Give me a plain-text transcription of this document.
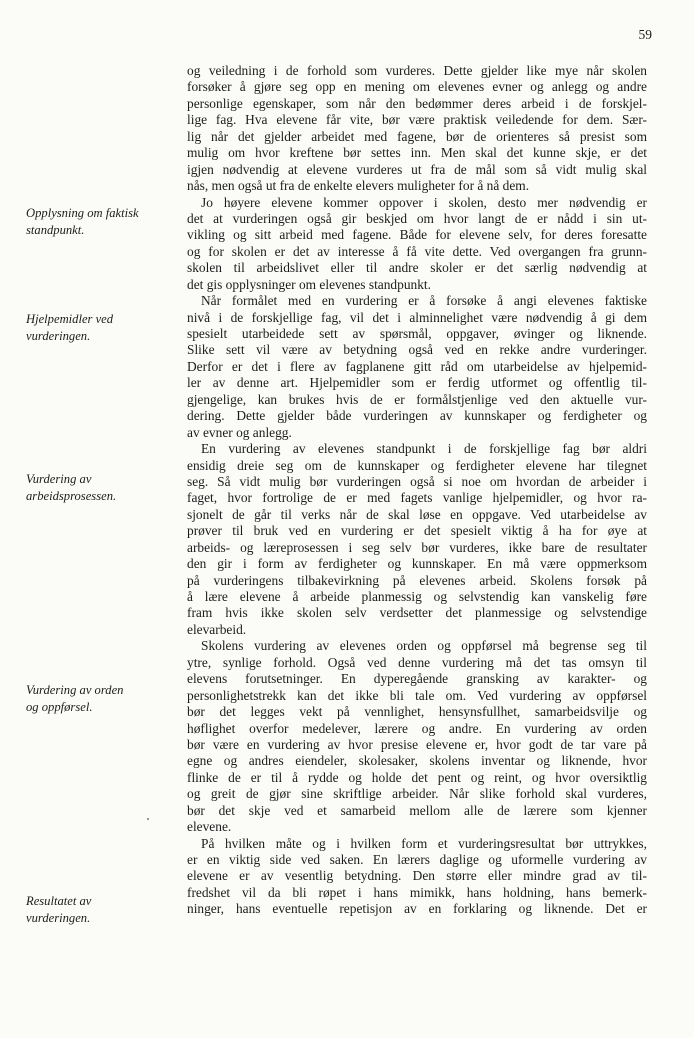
59
Opplysning om faktisk
standpunkt.
Hjelpemidler ved
vurderingen.
Vurdering av
arbeidsprosessen.
Vurdering av orden
og oppførsel.
Resultatet av
vurderingen.
og veiledning i de forhold som vurderes. Dette gjelder like mye når skolen
forsøker å gjøre seg opp en mening om elevenes evner og anlegg og andre
personlige egenskaper, som når den bedømmer deres arbeid i de forskjel-
lige fag. Hva elevene får vite, bør være praktisk veiledende for dem. Sær-
lig når det gjelder arbeidet med fagene, bør de orienteres så presist som
mulig om hvor kreftene bør settes inn. Men skal det kunne skje, er det
igjen nødvendig at elevene vurderes ut fra de mål som så vidt mulig skal
nås, men også ut fra de enkelte elevers muligheter for å nå dem.
Jo høyere elevene kommer oppover i skolen, desto mer nødvendig er
det at vurderingen også gir beskjed om hvor langt de er nådd i sin ut-
vikling og sitt arbeid med fagene. Både for elevene selv, for deres foresatte
og for skolen er det av interesse å få vite dette. Ved overgangen fra grunn-
skolen til arbeidslivet eller til andre skoler er det særlig nødvendig at
det gis opplysninger om elevenes standpunkt.
Når formålet med en vurdering er å forsøke å angi elevenes faktiske
nivå i de forskjellige fag, vil det i alminnelighet være nødvendig å gi dem
spesielt utarbeidede sett av spørsmål, oppgaver, øvinger og liknende.
Slike sett vil være av betydning også ved en rekke andre vurderinger.
Derfor er det i flere av fagplanene gitt råd om utarbeidelse av hjelpemid-
ler av denne art. Hjelpemidler som er ferdig utformet og offentlig til-
gjengelige, kan brukes hvis de er formålstjenlige ved den aktuelle vur-
dering. Dette gjelder både vurderingen av kunnskaper og ferdigheter og
av evner og anlegg.
En vurdering av elevenes standpunkt i de forskjellige fag bør aldri
ensidig dreie seg om de kunnskaper og ferdigheter elevene har tilegnet
seg. Så vidt mulig bør vurderingen også si noe om hvordan de arbeider i
faget, hvor fortrolige de er med fagets vanlige hjelpemidler, og hvor ra-
sjonelt de går til verks når de skal løse en oppgave. Ved utarbeidelse av
prøver til bruk ved en vurdering er det spesielt viktig å ha for øye at
arbeids- og læreprosessen i seg selv bør vurderes, ikke bare de resultater
den gir i form av ferdigheter og kunnskaper. En må være oppmerksom
på vurderingens tilbakevirkning på elevenes arbeid. Skolens forsøk på
å lære elevene å arbeide planmessig og selvstendig kan vanskelig føre
fram hvis ikke skolen selv verdsetter det planmessige og selvstendige
elevarbeid.
Skolens vurdering av elevenes orden og oppførsel må begrense seg til
ytre, synlige forhold. Også ved denne vurdering må det tas omsyn til
elevens forutsetninger. En dyperegående gransking av karakter- og
personlighetstrekk kan det ikke bli tale om. Ved vurdering av oppførsel
bør det legges vekt på vennlighet, hensynsfullhet, samarbeidsvilje og
høflighet overfor medelever, lærere og andre. En vurdering av orden
bør være en vurdering av hvor presise elevene er, hvor godt de tar vare på
egne og andres eiendeler, skolesaker, skolens inventar og liknende, hvor
flinke de er til å rydde og holde det pent og reint, og hvor oversiktlig
og greit de gjør sine skriftlige arbeider. Når slike forhold skal vurderes,
bør det skje ved et samarbeid mellom alle de lærere som kjenner
elevene.
På hvilken måte og i hvilken form et vurderingsresultat bør uttrykkes,
er en viktig side ved saken. En lærers daglige og uformelle vurdering av
elevene er av vesentlig betydning. Den større eller mindre grad av til-
fredshet vil da bli røpet i hans mimikk, hans holdning, hans bemerk-
ninger, hans eventuelle repetisjon av en forklaring og liknende. Det er
